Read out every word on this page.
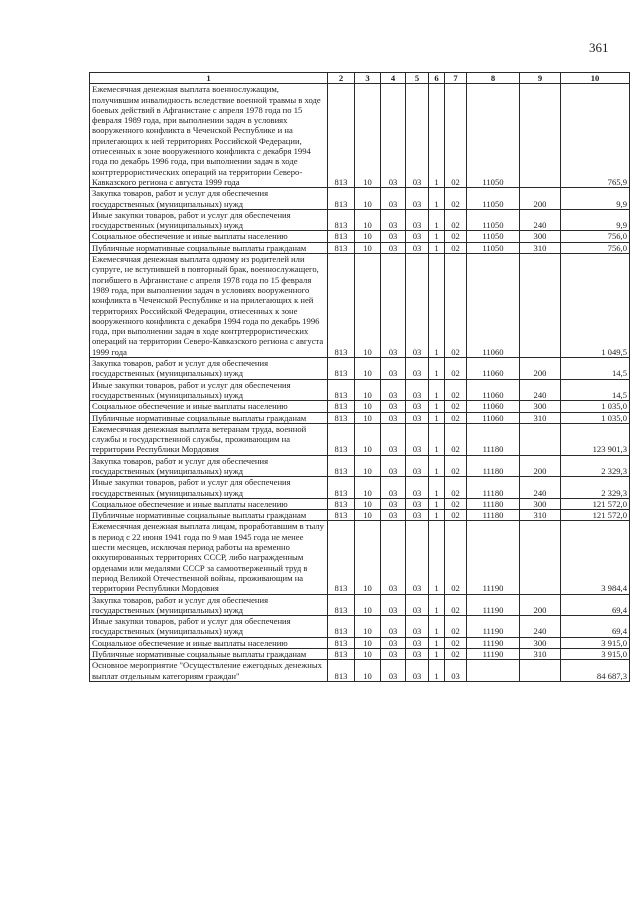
361
1	2	3	4	5	6	7	8	9	10
Ежемесячная денежная выплата военнослужащим, получившим инвалидность вследствие военной травмы в ходе боевых действий в Афганистане с апреля 1978 года по 15 февраля 1989 года, при выполнении задач в условиях вооруженного конфликта в Чеченской Республике и на прилегающих к ней территориях Российской Федерации, отнесенных к зоне вооруженного конфликта с декабря 1994 года по декабрь 1996 года, при выполнении задач в ходе контртеррористических операций на территории Северо-Кавказского региона с августа 1999 года	813	10	03	03	1	02	11050		765,9
Закупка товаров, работ и услуг для обеспечения государственных (муниципальных) нужд	813	10	03	03	1	02	11050	200	9,9
Иные закупки товаров, работ и услуг для обеспечения государственных (муниципальных) нужд	813	10	03	03	1	02	11050	240	9,9
Социальное обеспечение и иные выплаты населению	813	10	03	03	1	02	11050	300	756,0
Публичные нормативные социальные выплаты гражданам	813	10	03	03	1	02	11050	310	756,0
Ежемесячная денежная выплата одному из родителей или супруге, не вступившей в повторный брак, военнослужащего, погибшего в Афганистане с апреля 1978 года по 15 февраля 1989 года, при выполнении задач в условиях вооруженного конфликта в Чеченской Республике и на прилегающих к ней территориях Российской Федерации, отнесенных к зоне вооруженного конфликта с декабря 1994 года по декабрь 1996 года, при выполнении задач в ходе контртеррористических операций на территории Северо-Кавказского региона с августа 1999 года	813	10	03	03	1	02	11060		1 049,5
Закупка товаров, работ и услуг для обеспечения государственных (муниципальных) нужд	813	10	03	03	1	02	11060	200	14,5
Иные закупки товаров, работ и услуг для обеспечения государственных (муниципальных) нужд	813	10	03	03	1	02	11060	240	14,5
Социальное обеспечение и иные выплаты населению	813	10	03	03	1	02	11060	300	1 035,0
Публичные нормативные социальные выплаты гражданам	813	10	03	03	1	02	11060	310	1 035,0
Ежемесячная денежная выплата ветеранам труда, военной службы и государственной службы, проживающим на территории Республики Мордовия	813	10	03	03	1	02	11180		123 901,3
Закупка товаров, работ и услуг для обеспечения государственных (муниципальных) нужд	813	10	03	03	1	02	11180	200	2 329,3
Иные закупки товаров, работ и услуг для обеспечения государственных (муниципальных) нужд	813	10	03	03	1	02	11180	240	2 329,3
Социальное обеспечение и иные выплаты населению	813	10	03	03	1	02	11180	300	121 572,0
Публичные нормативные социальные выплаты гражданам	813	10	03	03	1	02	11180	310	121 572,0
Ежемесячная денежная выплата лицам, проработавшим в тылу в период с 22 июня 1941 года по 9 мая 1945 года не менее шести месяцев, исключая период работы на временно оккупированных территориях СССР, либо награжденным орденами или медалями СССР за самоотверженный труд в период Великой Отечественной войны, проживающим на территории Республики Мордовия	813	10	03	03	1	02	11190		3 984,4
Закупка товаров, работ и услуг для обеспечения государственных (муниципальных) нужд	813	10	03	03	1	02	11190	200	69,4
Иные закупки товаров, работ и услуг для обеспечения государственных (муниципальных) нужд	813	10	03	03	1	02	11190	240	69,4
Социальное обеспечение и иные выплаты населению	813	10	03	03	1	02	11190	300	3 915,0
Публичные нормативные социальные выплаты гражданам	813	10	03	03	1	02	11190	310	3 915,0
Основное мероприятие "Осуществление ежегодных денежных выплат отдельным категориям граждан"	813	10	03	03	1	03			84 687,3
